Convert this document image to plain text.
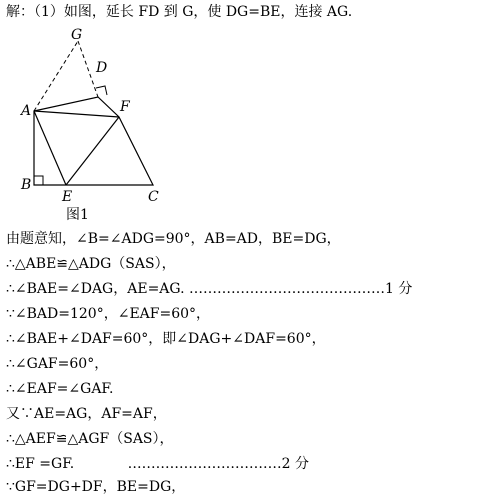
解：（1）如图，延长 FD 到 G，使 DG=BE，连接 AG.
G
D
A	F
B
E	C
图1
由题意知，∠B=∠ADG=90°，AB=AD，BE=DG，
∴△ABE≌△ADG（SAS），
∴∠BAE=∠DAG，AE=AG. ……………………………………1 分
∵∠BAD=120°，∠EAF=60°，
∴∠BAE+∠DAF=60°，即∠DAG+∠DAF=60°，
∴∠GAF=60°，
∴∠EAF=∠GAF.
又∵AE=AG，AF=AF，
∴△AEF≌△AGF（SAS），
∴EF =GF.            ……………………………2 分
∵GF=DG+DF，BE=DG，
